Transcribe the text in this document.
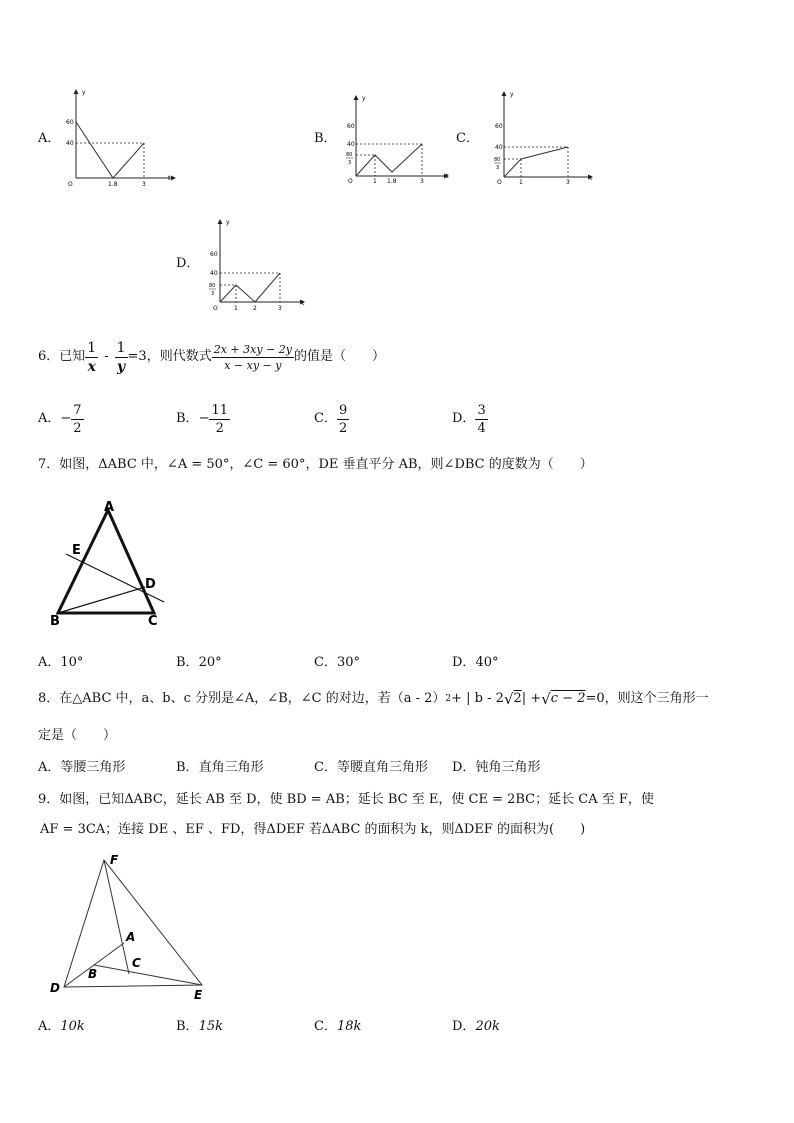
A．
60
40
O	1.8	3
t
y
B．
60
40
80
3
O	1 1.8	3
t
y
C．
60
40
80
3
O	1	3
t
y
D．
60
40
80
3
O	1	2	3
t
y
6．已知 $\frac{1}{x} - \frac{1}{y} =3$，则代数式 $\frac{2x + 3xy - 2y}{x - xy - y}$ 的值是（　　）
A． − $\frac{7}{2}$	B． − $\frac{11}{2}$	C． $\frac{9}{2}$	D． $\frac{3}{4}$
7．如图，ΔABC 中，∠A = 50°，∠C = 60°，DE 垂直平分 AB，则∠DBC 的度数为（　　）
A
E
D
B	C
A．10°	B．20°	C．30°	D．40°
8．在△ABC 中，a、b、c 分别是∠A，∠B，∠C 的对边，若（a - 2） 2 + | b - 2 √ 2 | + √ c − 2 =0，则这个三角形一
定是（　　）
A．等腰三角形	B．直角三角形	C．等腰直角三角形 D．钝角三角形
9．如图，已知ΔABC，延长 AB 至 D，使 BD = AB；延长 BC 至 E，使 CE = 2BC；延长 CA 至 F，使
AF = 3CA；连接 DE 、EF 、FD，得ΔDEF 若ΔABC 的面积为 k，则ΔDEF 的面积为(　　)
F
A
C
B
D	E
A．10k	B．15k	C．18k	D．20k
